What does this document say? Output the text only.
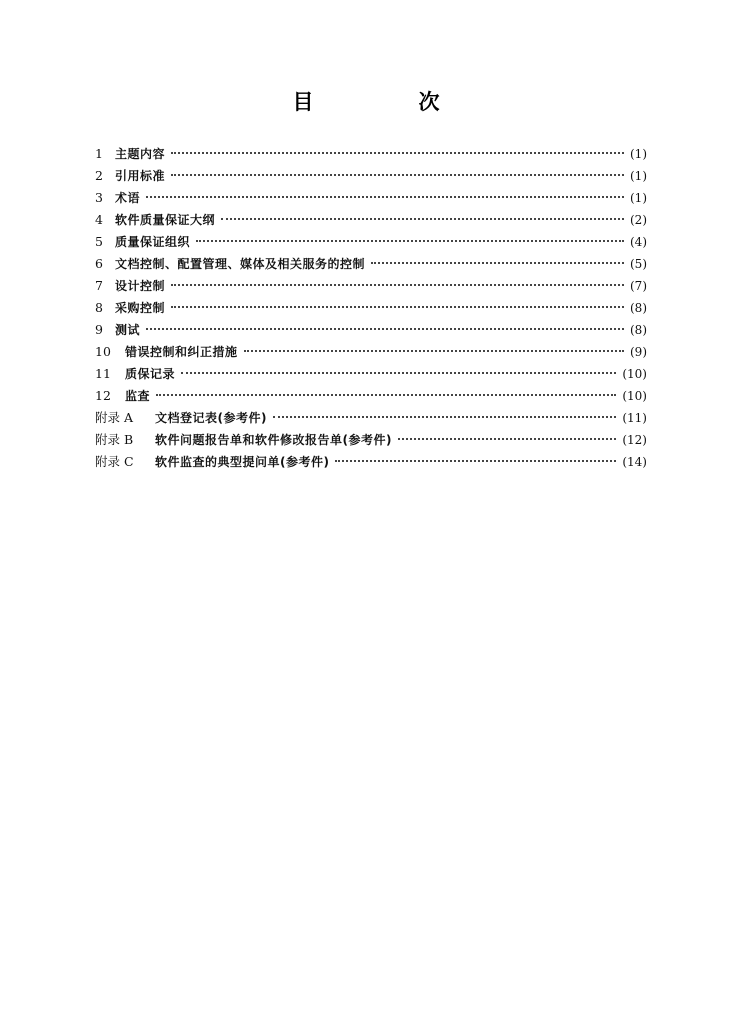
目　次
1	主题内容	(1)
2	引用标准	(1)
3	术语	(1)
4	软件质量保证大纲	(2)
5	质量保证组织	(4)
6	文档控制、配置管理、媒体及相关服务的控制	(5)
7	设计控制	(7)
8	采购控制	(8)
9	测试	(8)
10	错误控制和纠正措施	(9)
11	质保记录	(10)
12	监查	(10)
附录 A	文档登记表(参考件)	(11)
附录 B	软件问题报告单和软件修改报告单(参考件)	(12)
附录 C	软件监查的典型提问单(参考件)	(14)
